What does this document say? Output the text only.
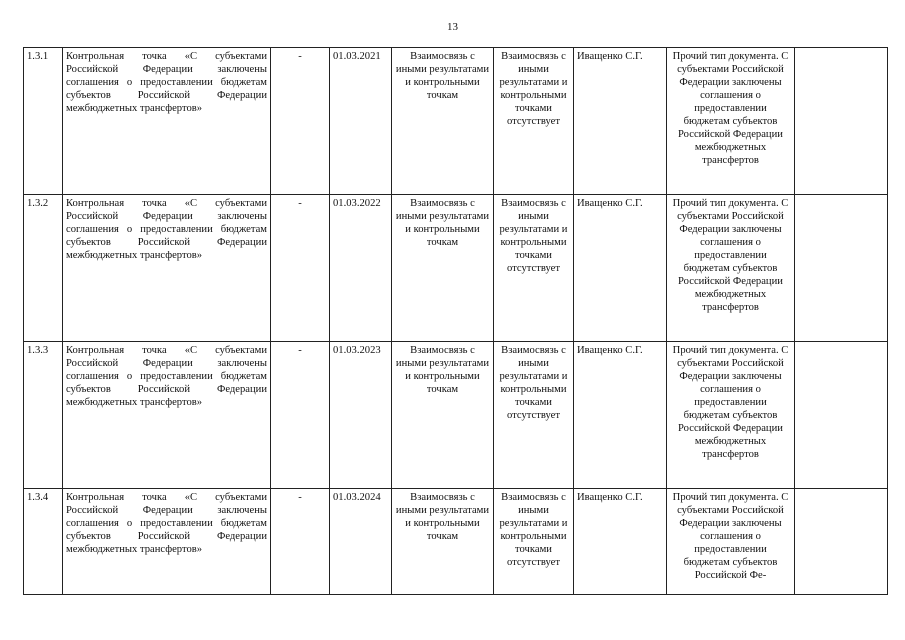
13
1.3.1	Контрольная точка «С субъектами Российской Федерации заключены соглашения о предоставлении бюджетам субъектов Российской Федерации межбюджетных трансфертов»	-	01.03.2021	Взаимосвязь с иными результатами и контрольными точкам	Взаимосвязь с иными результатами и контрольными точками отсутствует	Иващенко С.Г.	Прочий тип документа. С субъектами Российской Федерации заключены соглашения о предоставлении бюджетам субъектов Российской Федерации межбюджетных трансфертов	
1.3.2	Контрольная точка «С субъектами Российской Федерации заключены соглашения о предоставлении бюджетам субъектов Российской Федерации межбюджетных трансфертов»	-	01.03.2022	Взаимосвязь с иными результатами и контрольными точкам	Взаимосвязь с иными результатами и контрольными точками отсутствует	Иващенко С.Г.	Прочий тип документа. С субъектами Российской Федерации заключены соглашения о предоставлении бюджетам субъектов Российской Федерации межбюджетных трансфертов	
1.3.3	Контрольная точка «С субъектами Российской Федерации заключены соглашения о предоставлении бюджетам субъектов Российской Федерации межбюджетных трансфертов»	-	01.03.2023	Взаимосвязь с иными результатами и контрольными точкам	Взаимосвязь с иными результатами и контрольными точками отсутствует	Иващенко С.Г.	Прочий тип документа. С субъектами Российской Федерации заключены соглашения о предоставлении бюджетам субъектов Российской Федерации межбюджетных трансфертов	
1.3.4	Контрольная точка «С субъектами Российской Федерации заключены соглашения о предоставлении бюджетам субъектов Российской Федерации межбюджетных трансфертов»	-	01.03.2024	Взаимосвязь с иными результатами и контрольными точкам	Взаимосвязь с иными результатами и контрольными точками отсутствует	Иващенко С.Г.	Прочий тип документа. С субъектами Российской Федерации заключены соглашения о предоставлении бюджетам субъектов Российской Фе-	
